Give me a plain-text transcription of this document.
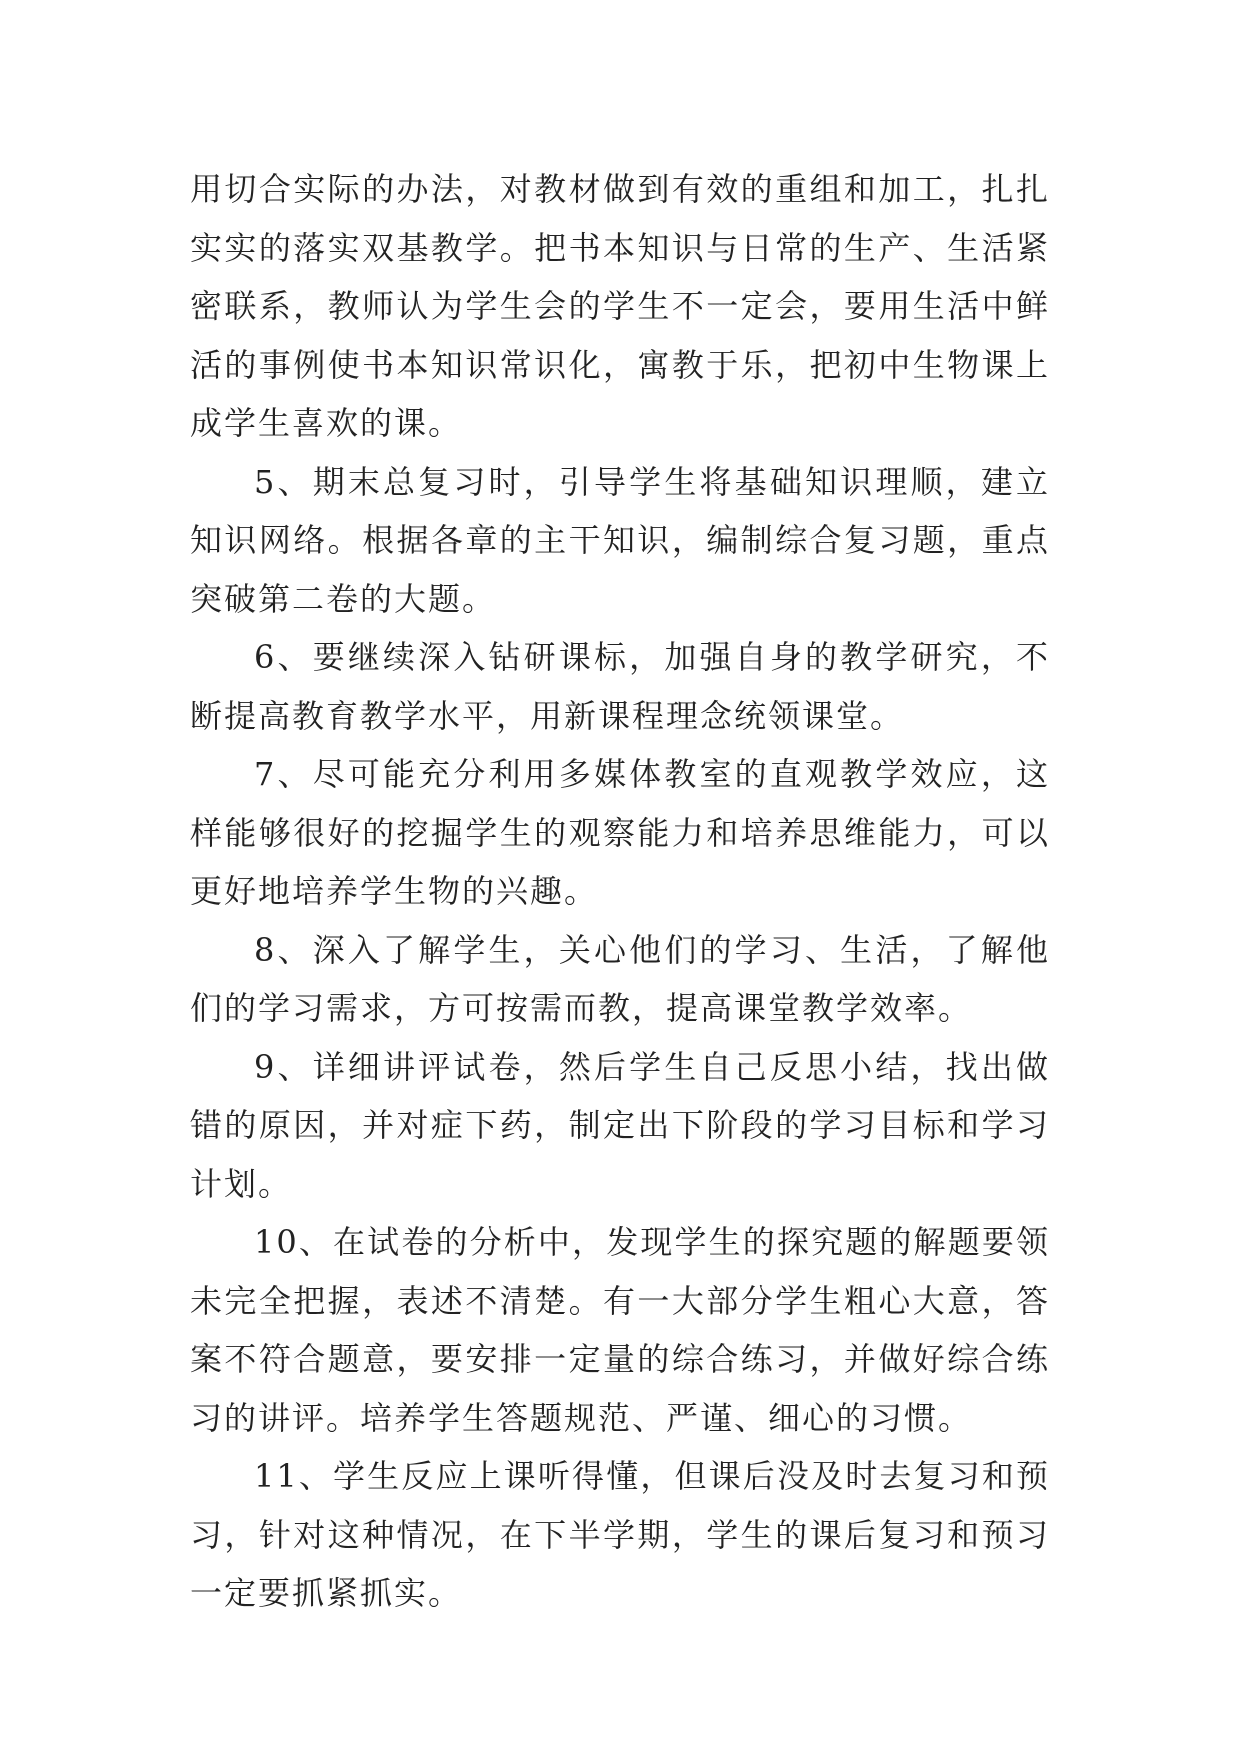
用切合实际的办法，对教材做到有效的重组和加工，扎扎实实的落实双基教学。把书本知识与日常的生产、生活紧密联系，教师认为学生会的学生不一定会，要用生活中鲜活的事例使书本知识常识化，寓教于乐，把初中生物课上成学生喜欢的课。

5、期末总复习时，引导学生将基础知识理顺，建立知识网络。根据各章的主干知识，编制综合复习题，重点突破第二卷的大题。

6、要继续深入钻研课标，加强自身的教学研究，不断提高教育教学水平，用新课程理念统领课堂。

7、尽可能充分利用多媒体教室的直观教学效应，这样能够很好的挖掘学生的观察能力和培养思维能力，可以更好地培养学生物的兴趣。

8、深入了解学生，关心他们的学习、生活，了解他们的学习需求，方可按需而教，提高课堂教学效率。

9、详细讲评试卷，然后学生自己反思小结，找出做错的原因，并对症下药，制定出下阶段的学习目标和学习计划。

10、在试卷的分析中，发现学生的探究题的解题要领未完全把握，表述不清楚。有一大部分学生粗心大意，答案不符合题意，要安排一定量的综合练习，并做好综合练习的讲评。培养学生答题规范、严谨、细心的习惯。

11、学生反应上课听得懂，但课后没及时去复习和预习，针对这种情况，在下半学期，学生的课后复习和预习一定要抓紧抓实。
